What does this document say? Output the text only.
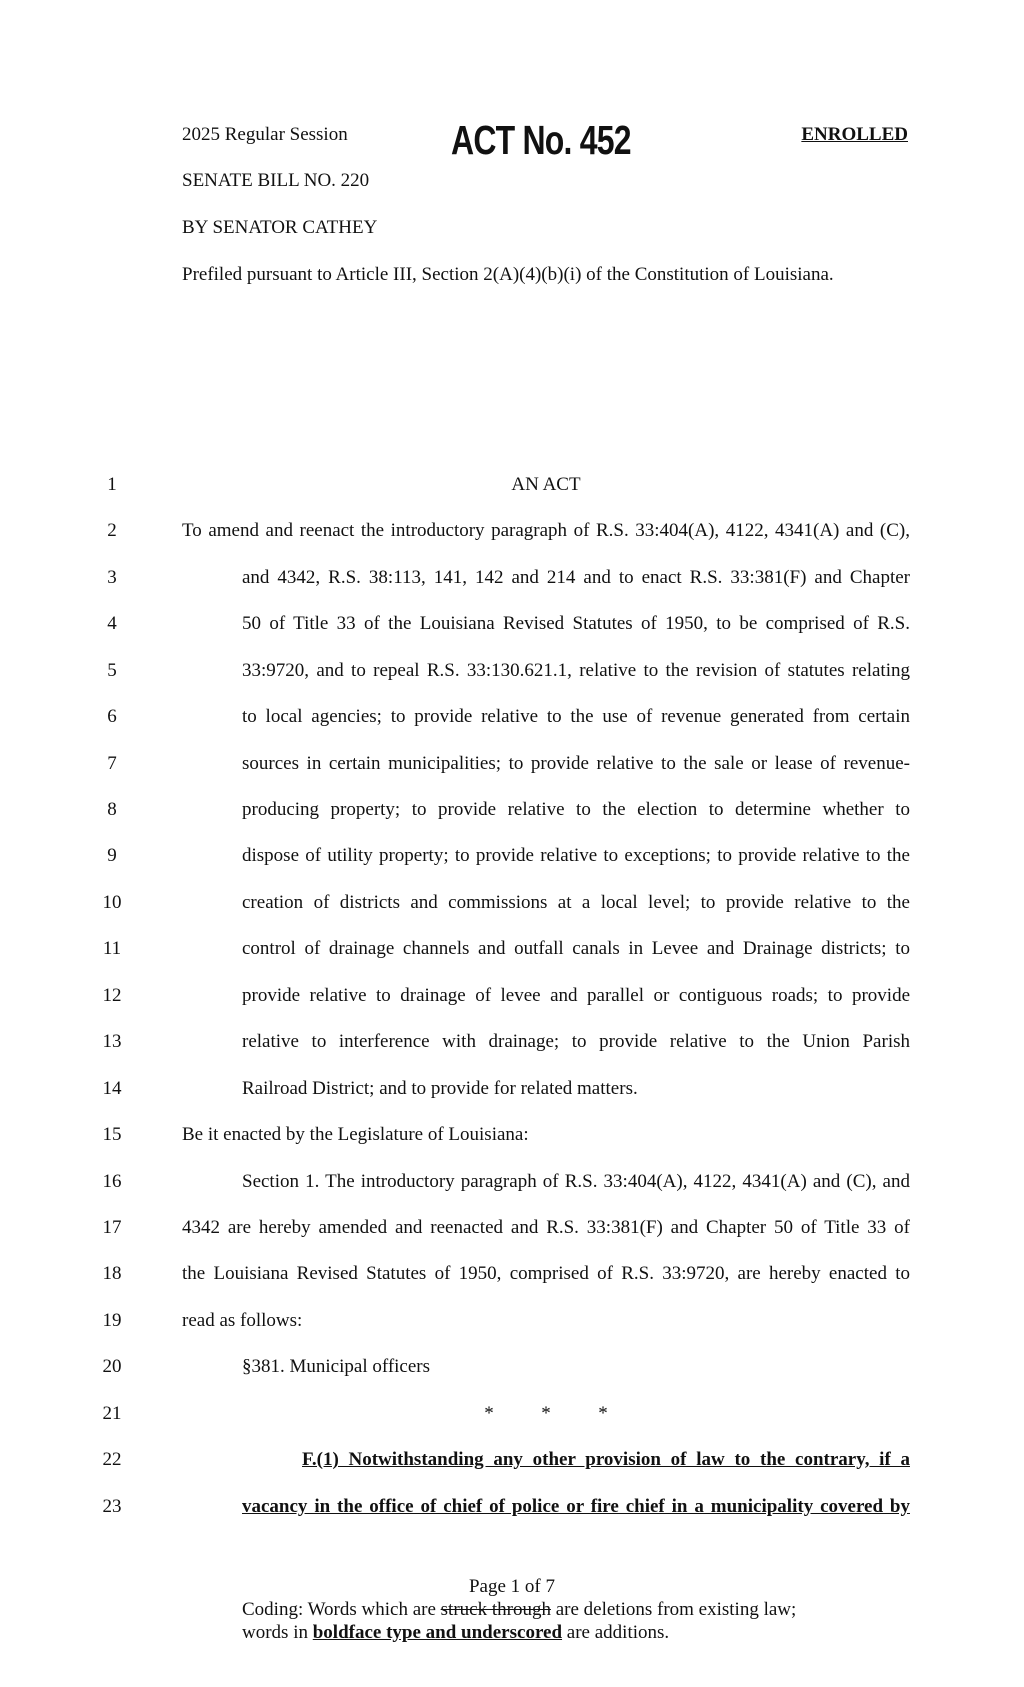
2025 Regular Session	ACT No. 452	ENROLLED
SENATE BILL NO. 220
BY SENATOR CATHEY
Prefiled pursuant to Article III, Section 2(A)(4)(b)(i) of the Constitution of Louisiana.
1
2
3
4
5
6
7
8
9
10
11
12
13
14
15
16
17
18
19
20
21
22
23
AN ACT
To amend and reenact the introductory paragraph of R.S. 33:404(A), 4122, 4341(A) and (C),
and 4342, R.S. 38:113, 141, 142 and 214 and to enact R.S. 33:381(F) and Chapter
50 of Title 33 of the Louisiana Revised Statutes of 1950, to be comprised of R.S.
33:9720, and to repeal R.S. 33:130.621.1, relative to the revision of statutes relating
to local agencies; to provide relative to the use of revenue generated from certain
sources in certain municipalities; to provide relative to the sale or lease of revenue-
producing property; to provide relative to the election to determine whether to
dispose of utility property; to provide relative to exceptions; to provide relative to the
creation of districts and commissions at a local level; to provide relative to the
control of drainage channels and outfall canals in Levee and Drainage districts; to
provide relative to drainage of levee and parallel or contiguous roads; to provide
relative to interference with drainage; to provide relative to the Union Parish
Railroad District; and to provide for related matters.
Be it enacted by the Legislature of Louisiana:
Section 1. The introductory paragraph of R.S. 33:404(A), 4122, 4341(A) and (C), and
4342 are hereby amended and reenacted and R.S. 33:381(F) and Chapter 50 of Title 33 of
the Louisiana Revised Statutes of 1950, comprised of R.S. 33:9720, are hereby enacted to
read as follows:
§381. Municipal officers
*          *          *
F.(1) Notwithstanding any other provision of law to the contrary, if a
vacancy in the office of chief of police or fire chief in a municipality covered by
Page 1 of 7
Coding: Words which are struck through are deletions from existing law;
words in boldface type and underscored are additions.
